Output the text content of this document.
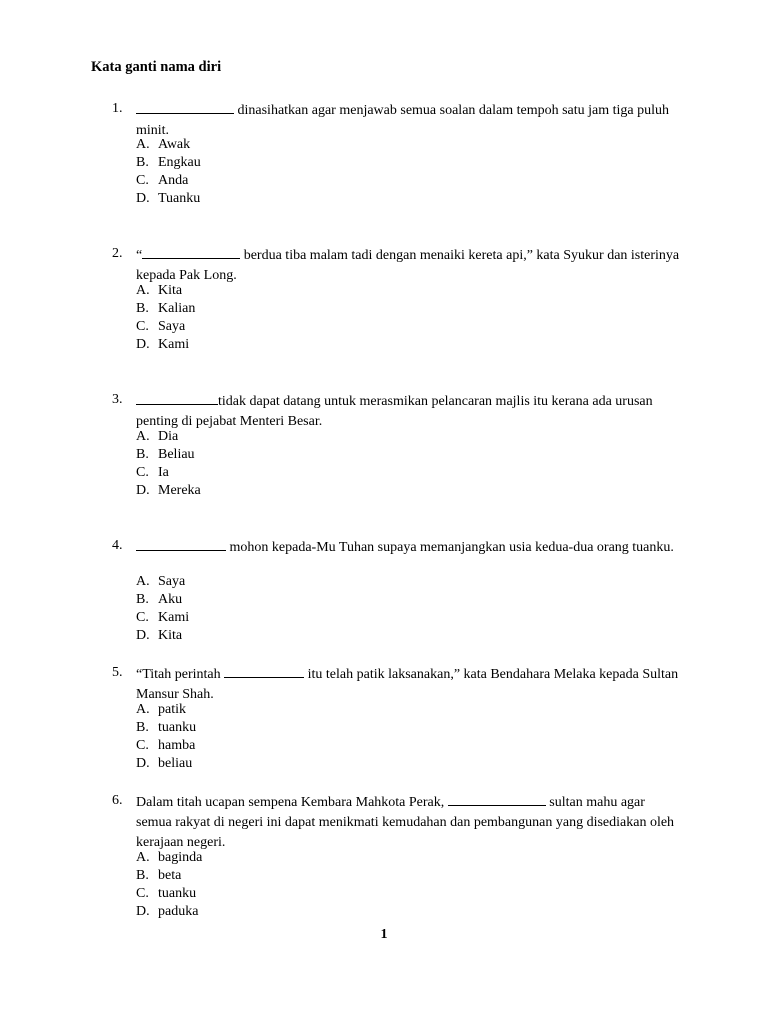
Kata ganti nama diri
1.	dinasihatkan agar menjawab semua soalan dalam tempoh satu jam tiga puluh minit.

A. Awak
B. Engkau
C. Anda
D. Tuanku
2. “	berdua tiba malam tadi dengan menaiki kereta api,” kata Syukur dan isterinya kepada Pak Long.

A. Kita
B. Kalian
C. Saya
D. Kami
3.	tidak dapat datang untuk merasmikan pelancaran majlis itu kerana ada urusan penting di pejabat Menteri Besar.

A. Dia
B. Beliau
C. Ia
D. Mereka
4.	mohon kepada-Mu Tuhan supaya memanjangkan usia kedua-dua orang tuanku.

A. Saya
B. Aku
C. Kami
D. Kita
5. “Titah perintah	itu telah patik laksanakan,” kata Bendahara Melaka kepada Sultan Mansur Shah.

A. patik
B. tuanku
C. hamba
D. beliau
6. Dalam titah ucapan sempena Kembara Mahkota Perak,	sultan mahu agar semua rakyat di negeri ini dapat menikmati kemudahan dan pembangunan yang disediakan oleh kerajaan negeri.

A. baginda
B. beta
C. tuanku
D. paduka
1
